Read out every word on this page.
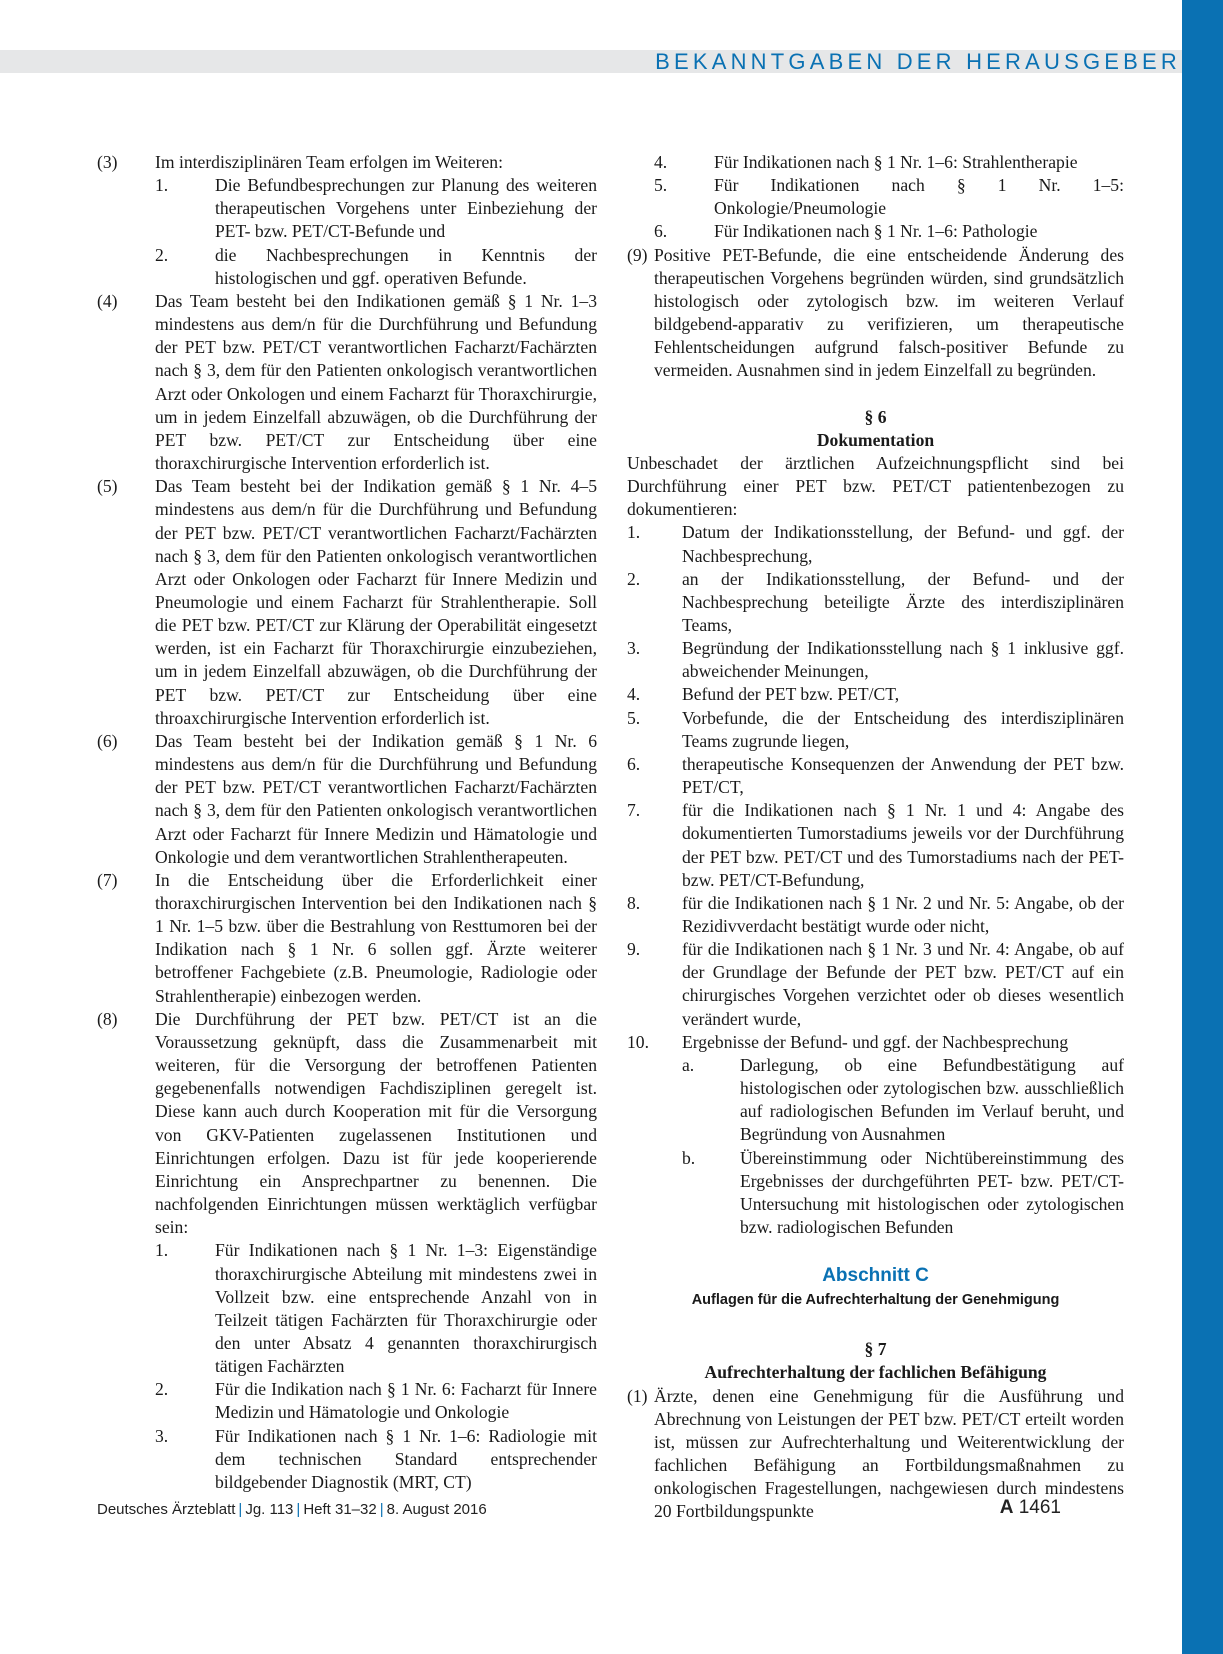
BEKANNTGABEN DER HERAUSGEBER
(3)	Im interdisziplinären Team erfolgen im Weiteren:
1.	Die Befundbesprechungen zur Planung des weiteren therapeutischen Vorgehens unter Einbeziehung der PET- bzw. PET/CT-Befunde und
2.	die Nachbesprechungen in Kenntnis der histologischen und ggf. operativen Befunde.
(4)	Das Team besteht bei den Indikationen gemäß § 1 Nr. 1–3 mindestens aus dem/n für die Durchführung und Befundung der PET bzw. PET/CT verantwortlichen Facharzt/Fachärzten nach § 3, dem für den Patienten onkologisch verantwortlichen Arzt oder Onkologen und einem Facharzt für Thoraxchirurgie, um in jedem Einzelfall abzuwägen, ob die Durchführung der PET bzw. PET/CT zur Entscheidung über eine thoraxchirurgische Intervention erforderlich ist.
(5)	Das Team besteht bei der Indikation gemäß § 1 Nr. 4–5 mindestens aus dem/n für die Durchführung und Befundung der PET bzw. PET/CT verantwortlichen Facharzt/Fachärzten nach § 3, dem für den Patienten onkologisch verantwortlichen Arzt oder Onkologen oder Facharzt für Innere Medizin und Pneumologie und einem Facharzt für Strahlentherapie. Soll die PET bzw. PET/CT zur Klärung der Operabilität eingesetzt werden, ist ein Facharzt für Thoraxchirurgie einzubeziehen, um in jedem Einzelfall abzuwägen, ob die Durchführung der PET bzw. PET/CT zur Entscheidung über eine throaxchirurgische Intervention erforderlich ist.
(6)	Das Team besteht bei der Indikation gemäß § 1 Nr. 6 mindestens aus dem/n für die Durchführung und Befundung der PET bzw. PET/CT verantwortlichen Facharzt/Fachärzten nach § 3, dem für den Patienten onkologisch verantwortlichen Arzt oder Facharzt für Innere Medizin und Hämatologie und Onkologie und dem verantwortlichen Strahlentherapeuten.
(7)	In die Entscheidung über die Erforderlichkeit einer thoraxchirurgischen Intervention bei den Indikationen nach § 1 Nr. 1–5 bzw. über die Bestrahlung von Resttumoren bei der Indikation nach § 1 Nr. 6 sollen ggf. Ärzte weiterer betroffener Fachgebiete (z.B. Pneumologie, Radiologie oder Strahlentherapie) einbezogen werden.
(8)	Die Durchführung der PET bzw. PET/CT ist an die Voraussetzung geknüpft, dass die Zusammenarbeit mit weiteren, für die Versorgung der betroffenen Patienten gegebenenfalls notwendigen Fachdisziplinen geregelt ist. Diese kann auch durch Kooperation mit für die Versorgung von GKV-Patienten zugelassenen Institutionen und Einrichtungen erfolgen. Dazu ist für jede kooperierende Einrichtung ein Ansprechpartner zu benennen. Die nachfolgenden Einrichtungen müssen werktäglich verfügbar sein:
1.	Für Indikationen nach § 1 Nr. 1–3: Eigenständige thoraxchirurgische Abteilung mit mindestens zwei in Vollzeit bzw. eine entsprechende Anzahl von in Teilzeit tätigen Fachärzten für Thoraxchirurgie oder den unter Absatz 4 genannten thoraxchirurgisch tätigen Fachärzten
2.	Für die Indikation nach § 1 Nr. 6: Facharzt für Innere Medizin und Hämatologie und Onkologie
3.	Für Indikationen nach § 1 Nr. 1–6: Radiologie mit dem technischen Standard entsprechender bildgebender Diagnostik (MRT, CT)
4.	Für Indikationen nach § 1 Nr. 1–6: Strahlentherapie
5.	Für Indikationen nach § 1 Nr. 1–5: Onkologie/Pneumologie
6.	Für Indikationen nach § 1 Nr. 1–6: Pathologie
(9) Positive PET-Befunde, die eine entscheidende Änderung des therapeutischen Vorgehens begründen würden, sind grundsätzlich histologisch oder zytologisch bzw. im weiteren Verlauf bildgebend-apparativ zu verifizieren, um therapeutische Fehlentscheidungen aufgrund falsch-positiver Befunde zu vermeiden. Ausnahmen sind in jedem Einzelfall zu begründen.
§ 6
Dokumentation
Unbeschadet der ärztlichen Aufzeichnungspflicht sind bei Durchführung einer PET bzw. PET/CT patientenbezogen zu dokumentieren:
1.	Datum der Indikationsstellung, der Befund- und ggf. der Nachbesprechung,
2.	an der Indikationsstellung, der Befund- und der Nachbesprechung beteiligte Ärzte des interdisziplinären Teams,
3.	Begründung der Indikationsstellung nach § 1 inklusive ggf. abweichender Meinungen,
4.	Befund der PET bzw. PET/CT,
5.	Vorbefunde, die der Entscheidung des interdisziplinären Teams zugrunde liegen,
6.	therapeutische Konsequenzen der Anwendung der PET bzw. PET/CT,
7.	für die Indikationen nach § 1 Nr. 1 und 4: Angabe des dokumentierten Tumorstadiums jeweils vor der Durchführung der PET bzw. PET/CT und des Tumorstadiums nach der PET- bzw. PET/CT-Befundung,
8.	für die Indikationen nach § 1 Nr. 2 und Nr. 5: Angabe, ob der Rezidivverdacht bestätigt wurde oder nicht,
9.	für die Indikationen nach § 1 Nr. 3 und Nr. 4: Angabe, ob auf der Grundlage der Befunde der PET bzw. PET/CT auf ein chirurgisches Vorgehen verzichtet oder ob dieses wesentlich verändert wurde,
10.	Ergebnisse der Befund- und ggf. der Nachbesprechung
a.	Darlegung, ob eine Befundbestätigung auf histologischen oder zytologischen bzw. ausschließlich auf radiologischen Befunden im Verlauf beruht, und Begründung von Ausnahmen
b.	Übereinstimmung oder Nichtübereinstimmung des Ergebnisses der durchgeführten PET- bzw. PET/CT-Untersuchung mit histologischen oder zytologischen bzw. radiologischen Befunden
Abschnitt C
Auflagen für die Aufrechterhaltung der Genehmigung
§ 7
Aufrechterhaltung der fachlichen Befähigung
(1) Ärzte, denen eine Genehmigung für die Ausführung und Abrechnung von Leistungen der PET bzw. PET/CT erteilt worden ist, müssen zur Aufrechterhaltung und Weiterentwicklung der fachlichen Befähigung an Fortbildungsmaßnahmen zu onkologischen Fragestellungen, nachgewiesen durch mindestens 20 Fortbildungspunkte
Deutsches Ärzteblatt | Jg. 113 | Heft 31–32 | 8. August 2016	A 1461
